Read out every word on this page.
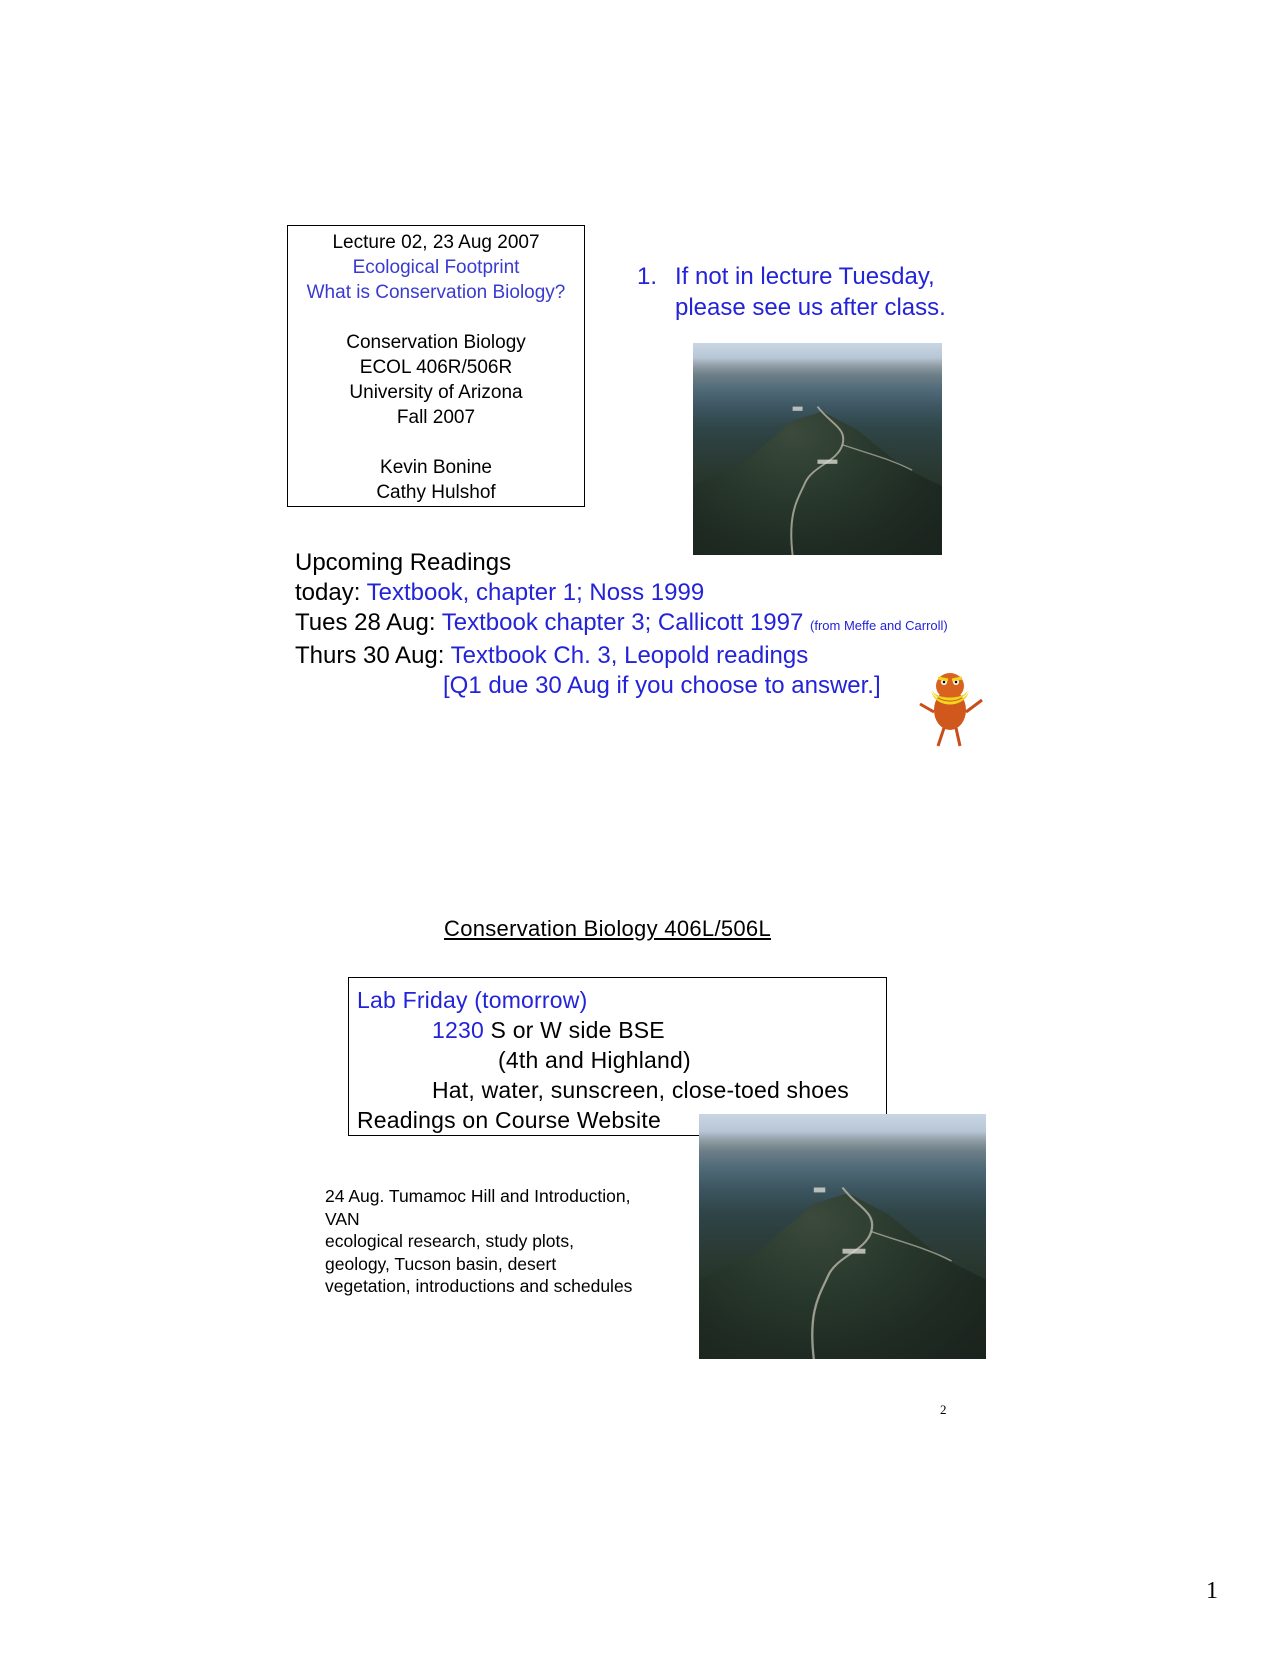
Lecture 02, 23 Aug 2007
Ecological Footprint
What is Conservation Biology?
Conservation Biology
ECOL 406R/506R
University of Arizona
Fall 2007
Kevin Bonine
Cathy Hulshof
1. If not in lecture Tuesday,
please see us after class.
Upcoming Readings
today: Textbook, chapter 1; Noss 1999
Tues 28 Aug: Textbook chapter 3; Callicott 1997 (from Meffe and Carroll)
Thurs 30 Aug: Textbook Ch. 3, Leopold readings
[Q1 due 30 Aug if you choose to answer.]
Conservation Biology 406L/506L
Lab Friday (tomorrow)
1230 S or W side BSE
(4th and Highland)
Hat, water, sunscreen, close-toed shoes
Readings on Course Website
24 Aug. Tumamoc Hill and Introduction,
VAN
ecological research, study plots,
geology, Tucson basin, desert
vegetation, introductions and schedules
2
1
